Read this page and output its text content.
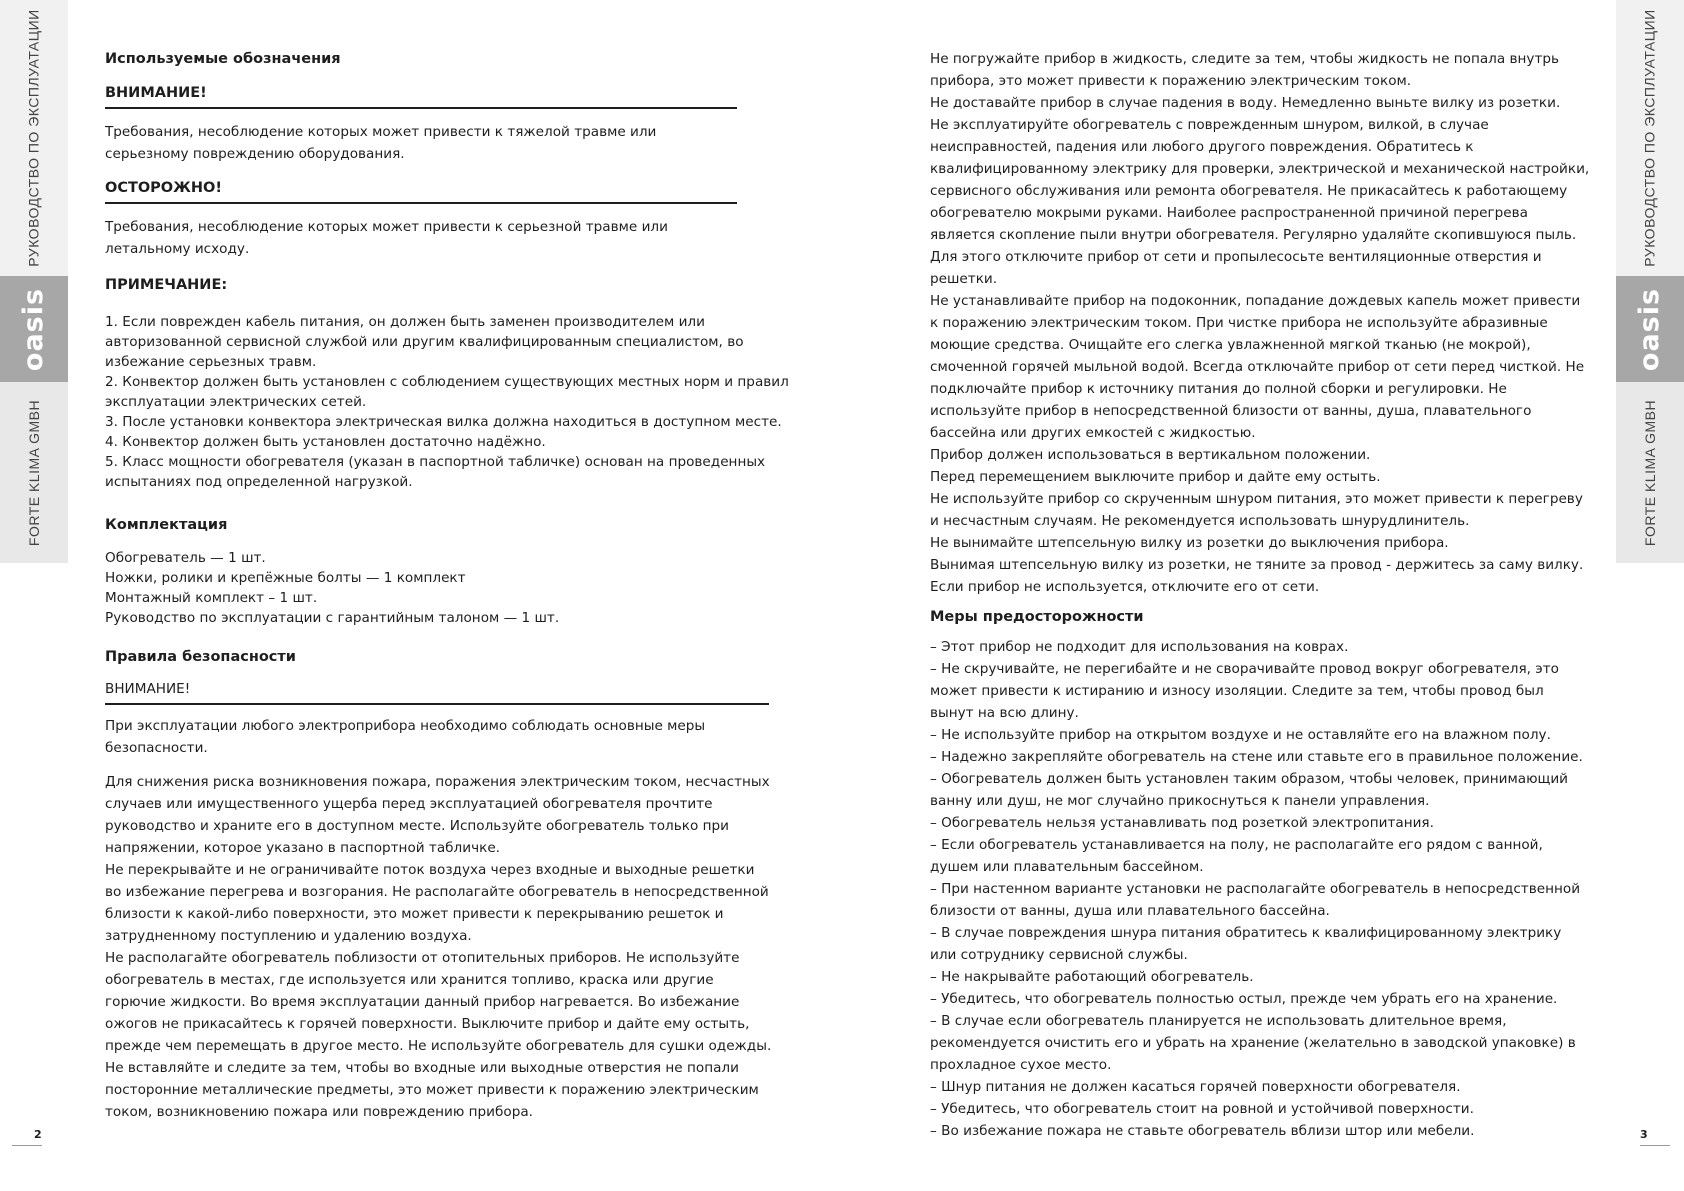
РУКОВОДСТВО ПО ЭКСПЛУАТАЦИИ
oasis
FORTE KLIMA GMBH
РУКОВОДСТВО ПО ЭКСПЛУАТАЦИИ
oasis
FORTE KLIMA GMBH

Используемые обозначения

ВНИМАНИЕ!

Требования, несоблюдение которых может привести к тяжелой травме или серьезному повреждению оборудования.

ОСТОРОЖНО!

Требования, несоблюдение которых может привести к серьезной травме или летальному исходу.

ПРИМЕЧАНИЕ:

1. Если поврежден кабель питания, он должен быть заменен производителем или авторизованной сервисной службой или другим квалифицированным специалистом, во избежание серьезных травм.

2. Конвектор должен быть установлен с соблюдением существующих местных норм и правил эксплуатации электрических сетей.

3. После установки конвектора электрическая вилка должна находиться в доступном месте.

4. Конвектор должен быть установлен достаточно надёжно.

5. Класс мощности обогревателя (указан в паспортной табличке) основан на проведенных испытаниях под определенной нагрузкой.

Комплектация

Обогреватель — 1 шт.

Ножки, ролики и крепёжные болты — 1 комплект

Монтажный комплект – 1 шт.

Руководство по эксплуатации с гарантийным талоном — 1 шт.

Правила безопасности

ВНИМАНИЕ!

При эксплуатации любого электроприбора необходимо соблюдать основные меры безопасности.

Для снижения риска возникновения пожара, поражения электрическим током, несчастных случаев или имущественного ущерба перед эксплуатацией обогревателя прочтите руководство и храните его в доступном месте. Используйте обогреватель только при напряжении, которое указано в паспортной табличке.

Не перекрывайте и не ограничивайте поток воздуха через входные и выходные решетки во избежание перегрева и возгорания. Не располагайте обогреватель в непосредственной близости к какой-либо поверхности, это может привести к перекрыванию решеток и затрудненному поступлению и удалению воздуха.

Не располагайте обогреватель поблизости от отопительных приборов. Не используйте обогреватель в местах, где используется или хранится топливо, краска или другие горючие жидкости. Во время эксплуатации данный прибор нагревается. Во избежание ожогов не прикасайтесь к горячей поверхности. Выключите прибор и дайте ему остыть, прежде чем перемещать в другое место. Не используйте обогреватель для сушки одежды.

Не вставляйте и следите за тем, чтобы во входные или выходные отверстия не попали посторонние металлические предметы, это может привести к поражению электрическим током, возникновению пожара или повреждению прибора.

Не погружайте прибор в жидкость, следите за тем, чтобы жидкость не попала внутрь прибора, это может привести к поражению электрическим током.

Не доставайте прибор в случае падения в воду. Немедленно выньте вилку из розетки.

Не эксплуатируйте обогреватель с поврежденным шнуром, вилкой, в случае неисправностей, падения или любого другого повреждения. Обратитесь к квалифицированному электрику для проверки, электрической и механической настройки, сервисного обслуживания или ремонта обогревателя. Не прикасайтесь к работающему обогревателю мокрыми руками. Наиболее распространенной причиной перегрева является скопление пыли внутри обогревателя. Регулярно удаляйте скопившуюся пыль. Для этого отключите прибор от сети и пропылесосьте вентиляционные отверстия и решетки.

Не устанавливайте прибор на подоконник, попадание дождевых капель может привести к поражению электрическим током. При чистке прибора не используйте абразивные моющие средства. Очищайте его слегка увлажненной мягкой тканью (не мокрой), смоченной горячей мыльной водой. Всегда отключайте прибор от сети перед чисткой. Не подключайте прибор к источнику питания до полной сборки и регулировки. Не используйте прибор в непосредственной близости от ванны, душа, плавательного бассейна или других емкостей с жидкостью.

Прибор должен использоваться в вертикальном положении.

Перед перемещением выключите прибор и дайте ему остыть.

Не используйте прибор со скрученным шнуром питания, это может привести к перегреву и несчастным случаям. Не рекомендуется использовать шнурудлинитель.

Не вынимайте штепсельную вилку из розетки до выключения прибора.

Вынимая штепсельную вилку из розетки, не тяните за провод - держитесь за саму вилку.

Если прибор не используется, отключите его от сети.

Меры предосторожности

– Этот прибор не подходит для использования на коврах.

– Не скручивайте, не перегибайте и не сворачивайте провод вокруг обогревателя, это может привести к истиранию и износу изоляции. Следите за тем, чтобы провод был вынут на всю длину.

– Не используйте прибор на открытом воздухе и не оставляйте его на влажном полу.

– Надежно закрепляйте обогреватель на стене или ставьте его в правильное положение.

– Обогреватель должен быть установлен таким образом, чтобы человек, принимающий ванну или душ, не мог случайно прикоснуться к панели управления.

– Обогреватель нельзя устанавливать под розеткой электропитания.

– Если обогреватель устанавливается на полу, не располагайте его рядом с ванной, душем или плавательным бассейном.

– При настенном варианте установки не располагайте обогреватель в непосредственной близости от ванны, душа или плавательного бассейна.

– В случае повреждения шнура питания обратитесь к квалифицированному электрику или сотруднику сервисной службы.

– Не накрывайте работающий обогреватель.

– Убедитесь, что обогреватель полностью остыл, прежде чем убрать его на хранение.

– В случае если обогреватель планируется не использовать длительное время, рекомендуется очистить его и убрать на хранение (желательно в заводской упаковке) в прохладное сухое место.

– Шнур питания не должен касаться горячей поверхности обогревателя.

– Убедитесь, что обогреватель стоит на ровной и устойчивой поверхности.

– Во избежание пожара не ставьте обогреватель вблизи штор или мебели.

2	3
